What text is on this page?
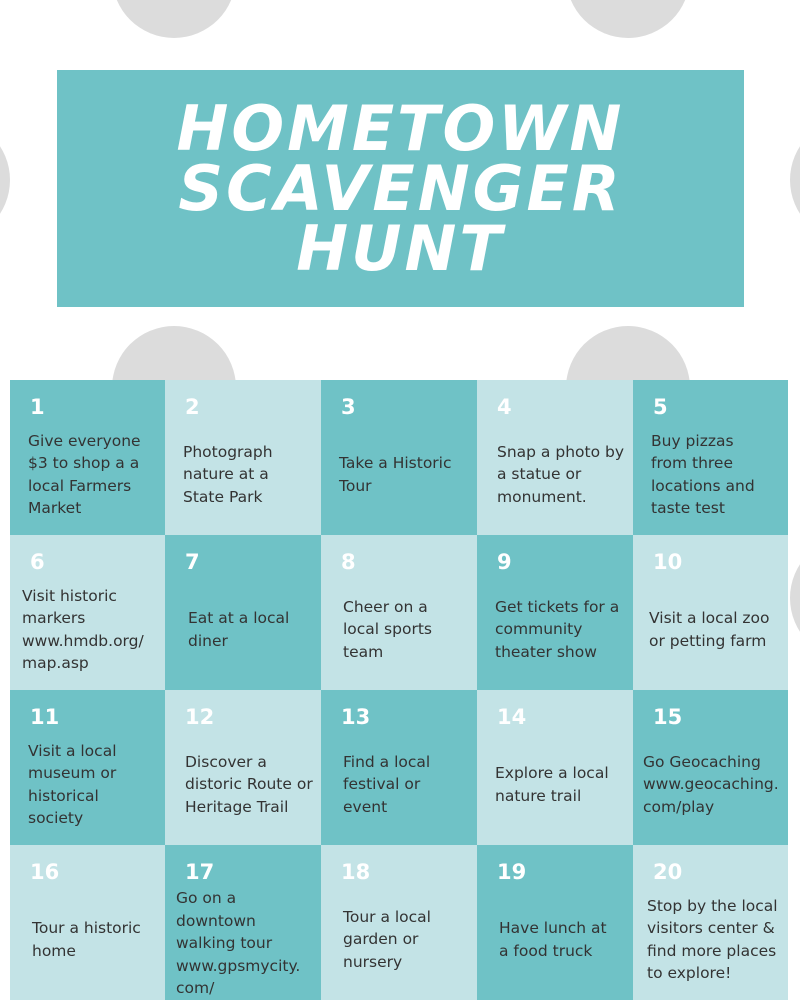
HOMETOWN
SCAVENGER
HUNT
1
Give everyone $3 to shop a a local Farmers Market
2
Photograph nature at a State Park
3
Take a Historic Tour
4
Snap a photo by a statue or monument.
5
Buy pizzas from three locations and taste test
6
Visit historic markers www.hmdb.org/ map.asp
7
Eat at a local diner
8
Cheer on a local sports team
9
Get tickets for a community theater show
10
Visit a local zoo or petting farm
11
Visit a local museum or historical society
12
Discover a distoric Route or Heritage Trail
13
Find a local festival or event
14
Explore a local nature trail
15
Go Geocaching www.geocaching. com/play
16
Tour a historic home
17
Go on a downtown walking tour www.gpsmycity. com/
18
Tour a local garden or nursery
19
Have lunch at a food truck
20
Stop by the local visitors center & find more places to explore!
